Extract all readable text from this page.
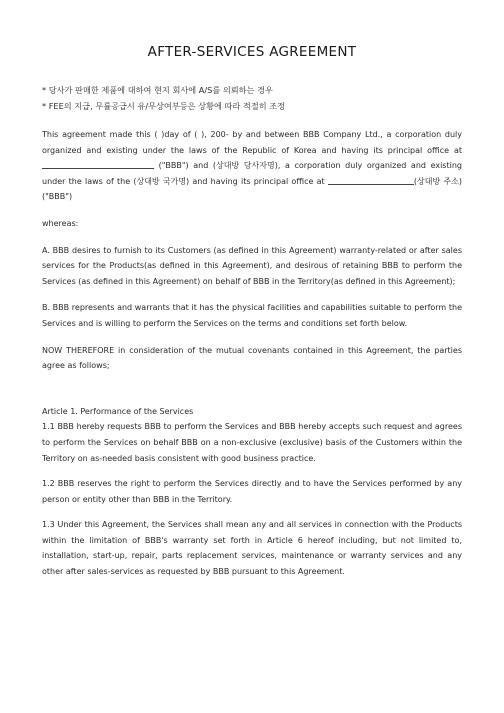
AFTER-SERVICES AGREEMENT
* 당사가 판매한 제품에 대하여 현지 회사에 A/S를 의뢰하는 경우
* FEE의 지급, 무률공급시 유/무상여부등은 상황에 따라 적절히 조정

This agreement made this ( )day of ( ), 200- by and between BBB Company Ltd., a corporation duly organized and existing under the laws of the Republic of Korea and having its principal office at  ("BBB") and (상대방 당사자명), a corporation duly organized and existing under the laws of the (상대방 국가명) and having its principal office at	(상대방 주소)("BBB")

whereas:

A. BBB desires to furnish to its Customers (as defined in this Agreement) warranty-related or after sales services for the Products(as defined in this Agreement), and desirous of retaining BBB to perform the Services (as defined in this Agreement) on behalf of BBB in the Territory(as defined in this Agreement);

B. BBB represents and warrants that it has the physical facilities and capabilities suitable to perform the Services and is willing to perform the Services on the terms and conditions set forth below.

NOW THEREFORE in consideration of the mutual covenants contained in this Agreement, the parties agree as follows;

Article 1. Performance of the Services

1.1 BBB hereby requests BBB to perform the Services and BBB hereby accepts such request and agrees to perform the Services on behalf BBB on a non-exclusive (exclusive) basis of the Customers within the Territory on as-needed basis consistent with good business practice.

1.2 BBB reserves the right to perform the Services directly and to have the Services performed by any person or entity other than BBB in the Territory.

1.3 Under this Agreement, the Services shall mean any and all services in connection with the Products within the limitation of BBB's warranty set forth in Article 6 hereof including, but not limited to, installation, start-up, repair, parts replacement services, maintenance or warranty services and any other after sales-services as requested by BBB pursuant to this Agreement.
